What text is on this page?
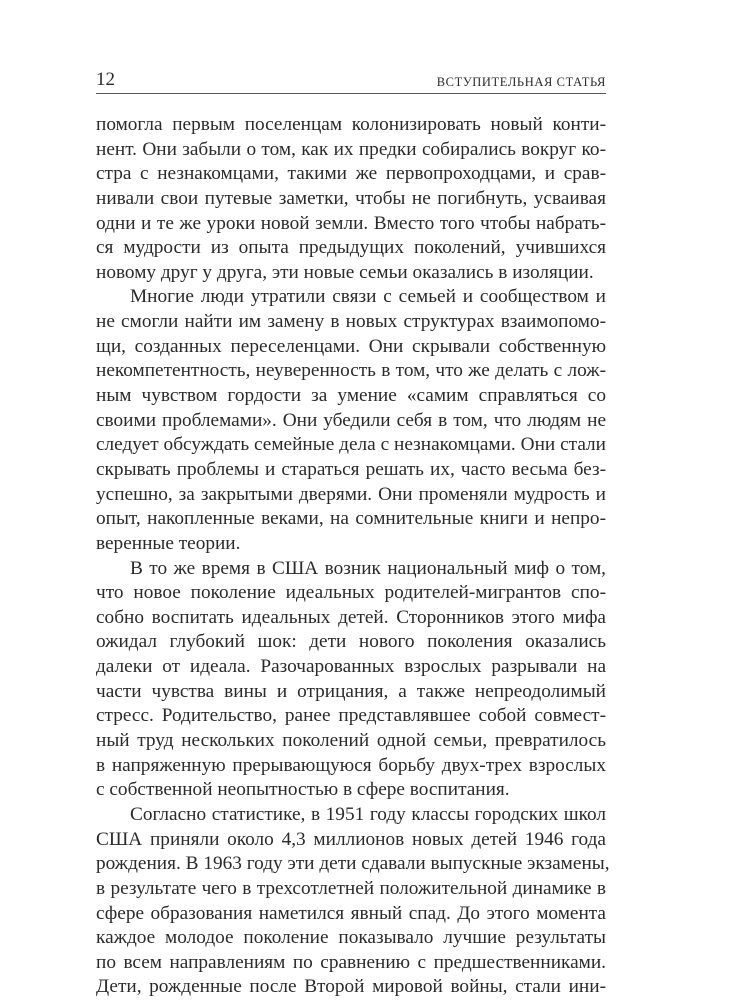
12	ВСТУПИТЕЛЬНАЯ СТАТЬЯ
помогла первым поселенцам колонизировать новый конти-
нент. Они забыли о том, как их предки собирались вокруг ко-
стра с незнакомцами, такими же первопроходцами, и срав-
нивали свои путевые заметки, чтобы не погибнуть, усваивая
одни и те же уроки новой земли. Вместо того чтобы набрать-
ся мудрости из опыта предыдущих поколений, учившихся
новому друг у друга, эти новые семьи оказались в изоляции.
Многие люди утратили связи с семьей и сообществом и
не смогли найти им замену в новых структурах взаимопомо-
щи, созданных переселенцами. Они скрывали собственную
некомпетентность, неуверенность в том, что же делать с лож-
ным чувством гордости за умение «самим справляться со
своими проблемами». Они убедили себя в том, что людям не
следует обсуждать семейные дела с незнакомцами. Они стали
скрывать проблемы и стараться решать их, часто весьма без-
успешно, за закрытыми дверями. Они променяли мудрость и
опыт, накопленные веками, на сомнительные книги и непро-
веренные теории.
В то же время в США возник национальный миф о том,
что новое поколение идеальных родителей-мигрантов спо-
собно воспитать идеальных детей. Сторонников этого мифа
ожидал глубокий шок: дети нового поколения оказались
далеки от идеала. Разочарованных взрослых разрывали на
части чувства вины и отрицания, а также непреодолимый
стресс. Родительство, ранее представлявшее собой совмест-
ный труд нескольких поколений одной семьи, превратилось
в напряженную прерывающуюся борьбу двух-трех взрослых
с собственной неопытностью в сфере воспитания.
Согласно статистике, в 1951 году классы городских школ
США приняли около 4,3 миллионов новых детей 1946 года
рождения. В 1963 году эти дети сдавали выпускные экзамены,
в результате чего в трехсотлетней положительной динамике в
сфере образования наметился явный спад. До этого момента
каждое молодое поколение показывало лучшие результаты
по всем направлениям по сравнению с предшественниками.
Дети, рожденные после Второй мировой войны, стали ини-
